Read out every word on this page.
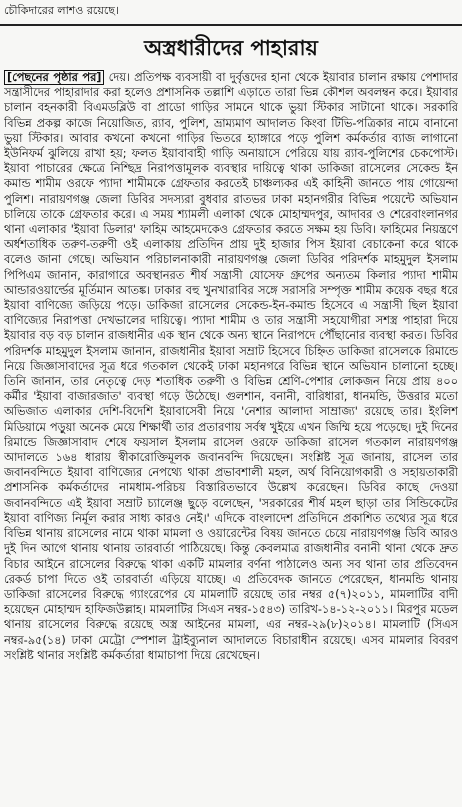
চৌকিদারের লাশও রয়েছে।
অস্ত্রধারীদের পাহারায়

[পেছনের পৃষ্ঠার পর] দেয়। প্রতিপক্ষ ব্যবসায়ী বা দুর্বৃত্তদের হানা থেকে ইয়াবার চালান রক্ষায় পেশাদার সন্ত্রাসীদের পাহারাদার করা হলেও প্রশাসনিক তল্লাশি এড়াতে তারা ভিন্ন কৌশল অবলম্বন করে। ইয়াবার চালান বহনকারী বিএমডব্লিউ বা প্রাডো গাড়ির সামনে থাকে ভুয়া স্টিকার সাটানো থাকে। সরকারি বিভিন্ন প্রকল্প কাজে নিয়োজিত, র‌্যাব, পুলিশ, ভ্রাম্যমাণ আদালত কিংবা টিভি-পত্রিকার নামে বানানো ভুয়া স্টিকার। আবার কখনো কখনো গাড়ির ভিতরে হ্যাঙ্গারে পড়ে পুলিশ কর্মকর্তার ব্যাজ লাগানো ইউনিফর্ম ঝুলিয়ে রাখা হয়; ফলত ইয়াবাবাহী গাড়ি অনায়াসে পেরিয়ে যায় র‌্যাব-পুলিশের চেকপোস্ট। ইয়াবা পাচারের ক্ষেত্রে নিশ্ছিদ্র নিরাপত্তামূলক ব্যবস্থার দায়িত্বে থাকা ডাকিজা রাসেলের সেকেন্ড ইন কমান্ড শামীম ওরফে প্যাদা শামীমকে গ্রেফতার করতেই চাঞ্চল্যকর এই কাহিনী জানতে পায় গোয়েন্দা পুলিশ। নারায়ণগঞ্জ জেলা ডিবির সদস্যরা বুধবার রাতভর ঢাকা মহানগরীর বিভিন্ন পয়েন্টে অভিযান চালিয়ে তাকে গ্রেফতার করে। এ সময় শ্যামলী এলাকা থেকে মোহাম্মদপুর, আদাবর ও শেরেবাংলানগর থানা এলাকার 'ইয়াবা ডিলার' ফাহিম আহমেদকেও গ্রেফতার করতে সক্ষম হয় ডিবি। ফাহিমের নিয়ন্ত্রণে অর্ধশতাধিক তরুণ-তরুণী ওই এলাকায় প্রতিদিন প্রায় দুই হাজার পিস ইয়াবা বেচাকেনা করে থাকে বলেও জানা গেছে। অভিযান পরিচালনাকারী নারায়ণগঞ্জ জেলা ডিবির পরিদর্শক মাহমুদুল ইসলাম পিপিএম জানান, কারাগারে অবস্থানরত শীর্ষ সন্ত্রাসী যোসেফ গ্রুপের অন্যতম কিলার প্যাদা শামীম আন্ডারওয়ার্ল্ডের মূর্তিমান আতঙ্ক। ঢাকার বহু খুনখারাবির সঙ্গে সরাসরি সম্পৃক্ত শামীম কয়েক বছর ধরে ইয়াবা বাণিজ্যে জড়িয়ে পড়ে। ডাকিজা রাসেলের সেকেন্ড-ইন-কমান্ড হিসেবে এ সন্ত্রাসী ছিল ইয়াবা বাণিজ্যের নিরাপত্তা দেখভালের দায়িত্বে। প্যাদা শামীম ও তার সন্ত্রাসী সহযোগীরা সশস্ত্র পাহারা দিয়ে ইয়াবার বড় বড় চালান রাজধানীর এক স্থান থেকে অন্য স্থানে নিরাপদে পৌঁছানোর ব্যবস্থা করত। ডিবির পরিদর্শক মাহমুদুল ইসলাম জানান, রাজধানীর ইয়াবা সম্রাট হিসেবে চিহ্নিত ডাকিজা রাসেলকে রিমান্ডে নিয়ে জিজ্ঞাসাবাদের সূত্র ধরে গতকাল থেকেই ঢাকা মহানগরে বিভিন্ন স্থানে অভিযান চালানো হচ্ছে। তিনি জানান, তার নেতৃত্বে দেড় শতাধিক তরুণী ও বিভিন্ন শ্রেণি-পেশার লোকজন নিয়ে প্রায় ৪০০ কর্মীর 'ইয়াবা বাজারজাত' ব্যবস্থা গড়ে উঠেছে। গুলশান, বনানী, বারিধারা, ধানমন্ডি, উত্তরার মতো অভিজাত এলাকার দেশি-বিদেশি ইয়াবাসেবী নিয়ে 'নেশার আলাদা সাম্রাজ্য' রয়েছে তার। ইংলিশ মিডিয়ামে পড়ুয়া অনেক মেয়ে শিক্ষার্থী তার প্রতারণায় সর্বস্ব খুইয়ে এখন জিম্মি হয়ে পড়েছে। দুই দিনের রিমান্ডে জিজ্ঞাসাবাদ শেষে ফয়সাল ইসলাম রাসেল ওরফে ডাকিজা রাসেল গতকাল নারায়ণগঞ্জ আদালতে ১৬৪ ধারায় স্বীকারোক্তিমূলক জবানবন্দি দিয়েছেন। সংশ্লিষ্ট সূত্র জানায়, রাসেল তার জবানবন্দিতে ইয়াবা বাণিজ্যের নেপথ্যে থাকা প্রভাবশালী মহল, অর্থ বিনিয়োগকারী ও সহায়তাকারী প্রশাসনিক কর্মকর্তাদের নামধাম-পরিচয় বিস্তারিতভাবে উল্লেখ করেছেন। ডিবির কাছে দেওয়া জবানবন্দিতে এই ইয়াবা সম্রাট চ্যালেঞ্জ ছুড়ে বলেছেন, 'সরকারের শীর্ষ মহল ছাড়া তার সিন্ডিকেটের ইয়াবা বাণিজ্য নির্মূল করার সাধ্য কারও নেই।' এদিকে বাংলাদেশ প্রতিদিনে প্রকাশিত তথ্যের সূত্র ধরে বিভিন্ন থানায় রাসেলের নামে থাকা মামলা ও ওয়ারেন্টের বিষয় জানতে চেয়ে নারায়ণগঞ্জ ডিবি আরও দুই দিন আগে থানায় থানায় তারবার্তা পাঠিয়েছে। কিন্তু কেবলমাত্র রাজধানীর বনানী থানা থেকে দ্রুত বিচার আইনে রাসেলের বিরুদ্ধে থাকা একটি মামলার বর্ণনা পাঠালেও অন্য সব থানা তার প্রতিবেদন রেকর্ড চাপা দিতে ওই তারবার্তা এড়িয়ে যাচ্ছে। এ প্রতিবেদক জানতে পেরেছেন, ধানমন্ডি থানায় ডাকিজা রাসেলের বিরুদ্ধে গ্যাংরেপের যে মামলাটি রয়েছে তার নম্বর ৫(৭)২০১১, মামলাটির বাদী হয়েছেন মোহাম্মদ হাফিজউল্লাহ। মামলাটির সিএস নম্বর-১৫৪৩) তারিখ-১৪-১২-২০১১। মিরপুর মডেল থানায় রাসেলের বিরুদ্ধে রয়েছে অস্ত্র আইনের মামলা, এর নম্বর-২৯(৮)২০১৪। মামলাটি (সিএস নম্বর-৯৫(১৪) ঢাকা মেট্রো স্পেশাল ট্রাইব্যুনাল আদালতে বিচারাধীন রয়েছে। এসব মামলার বিবরণ সংশ্লিষ্ট থানার সংশ্লিষ্ট কর্মকর্তারা ধামাচাপা দিয়ে রেখেছেন।
